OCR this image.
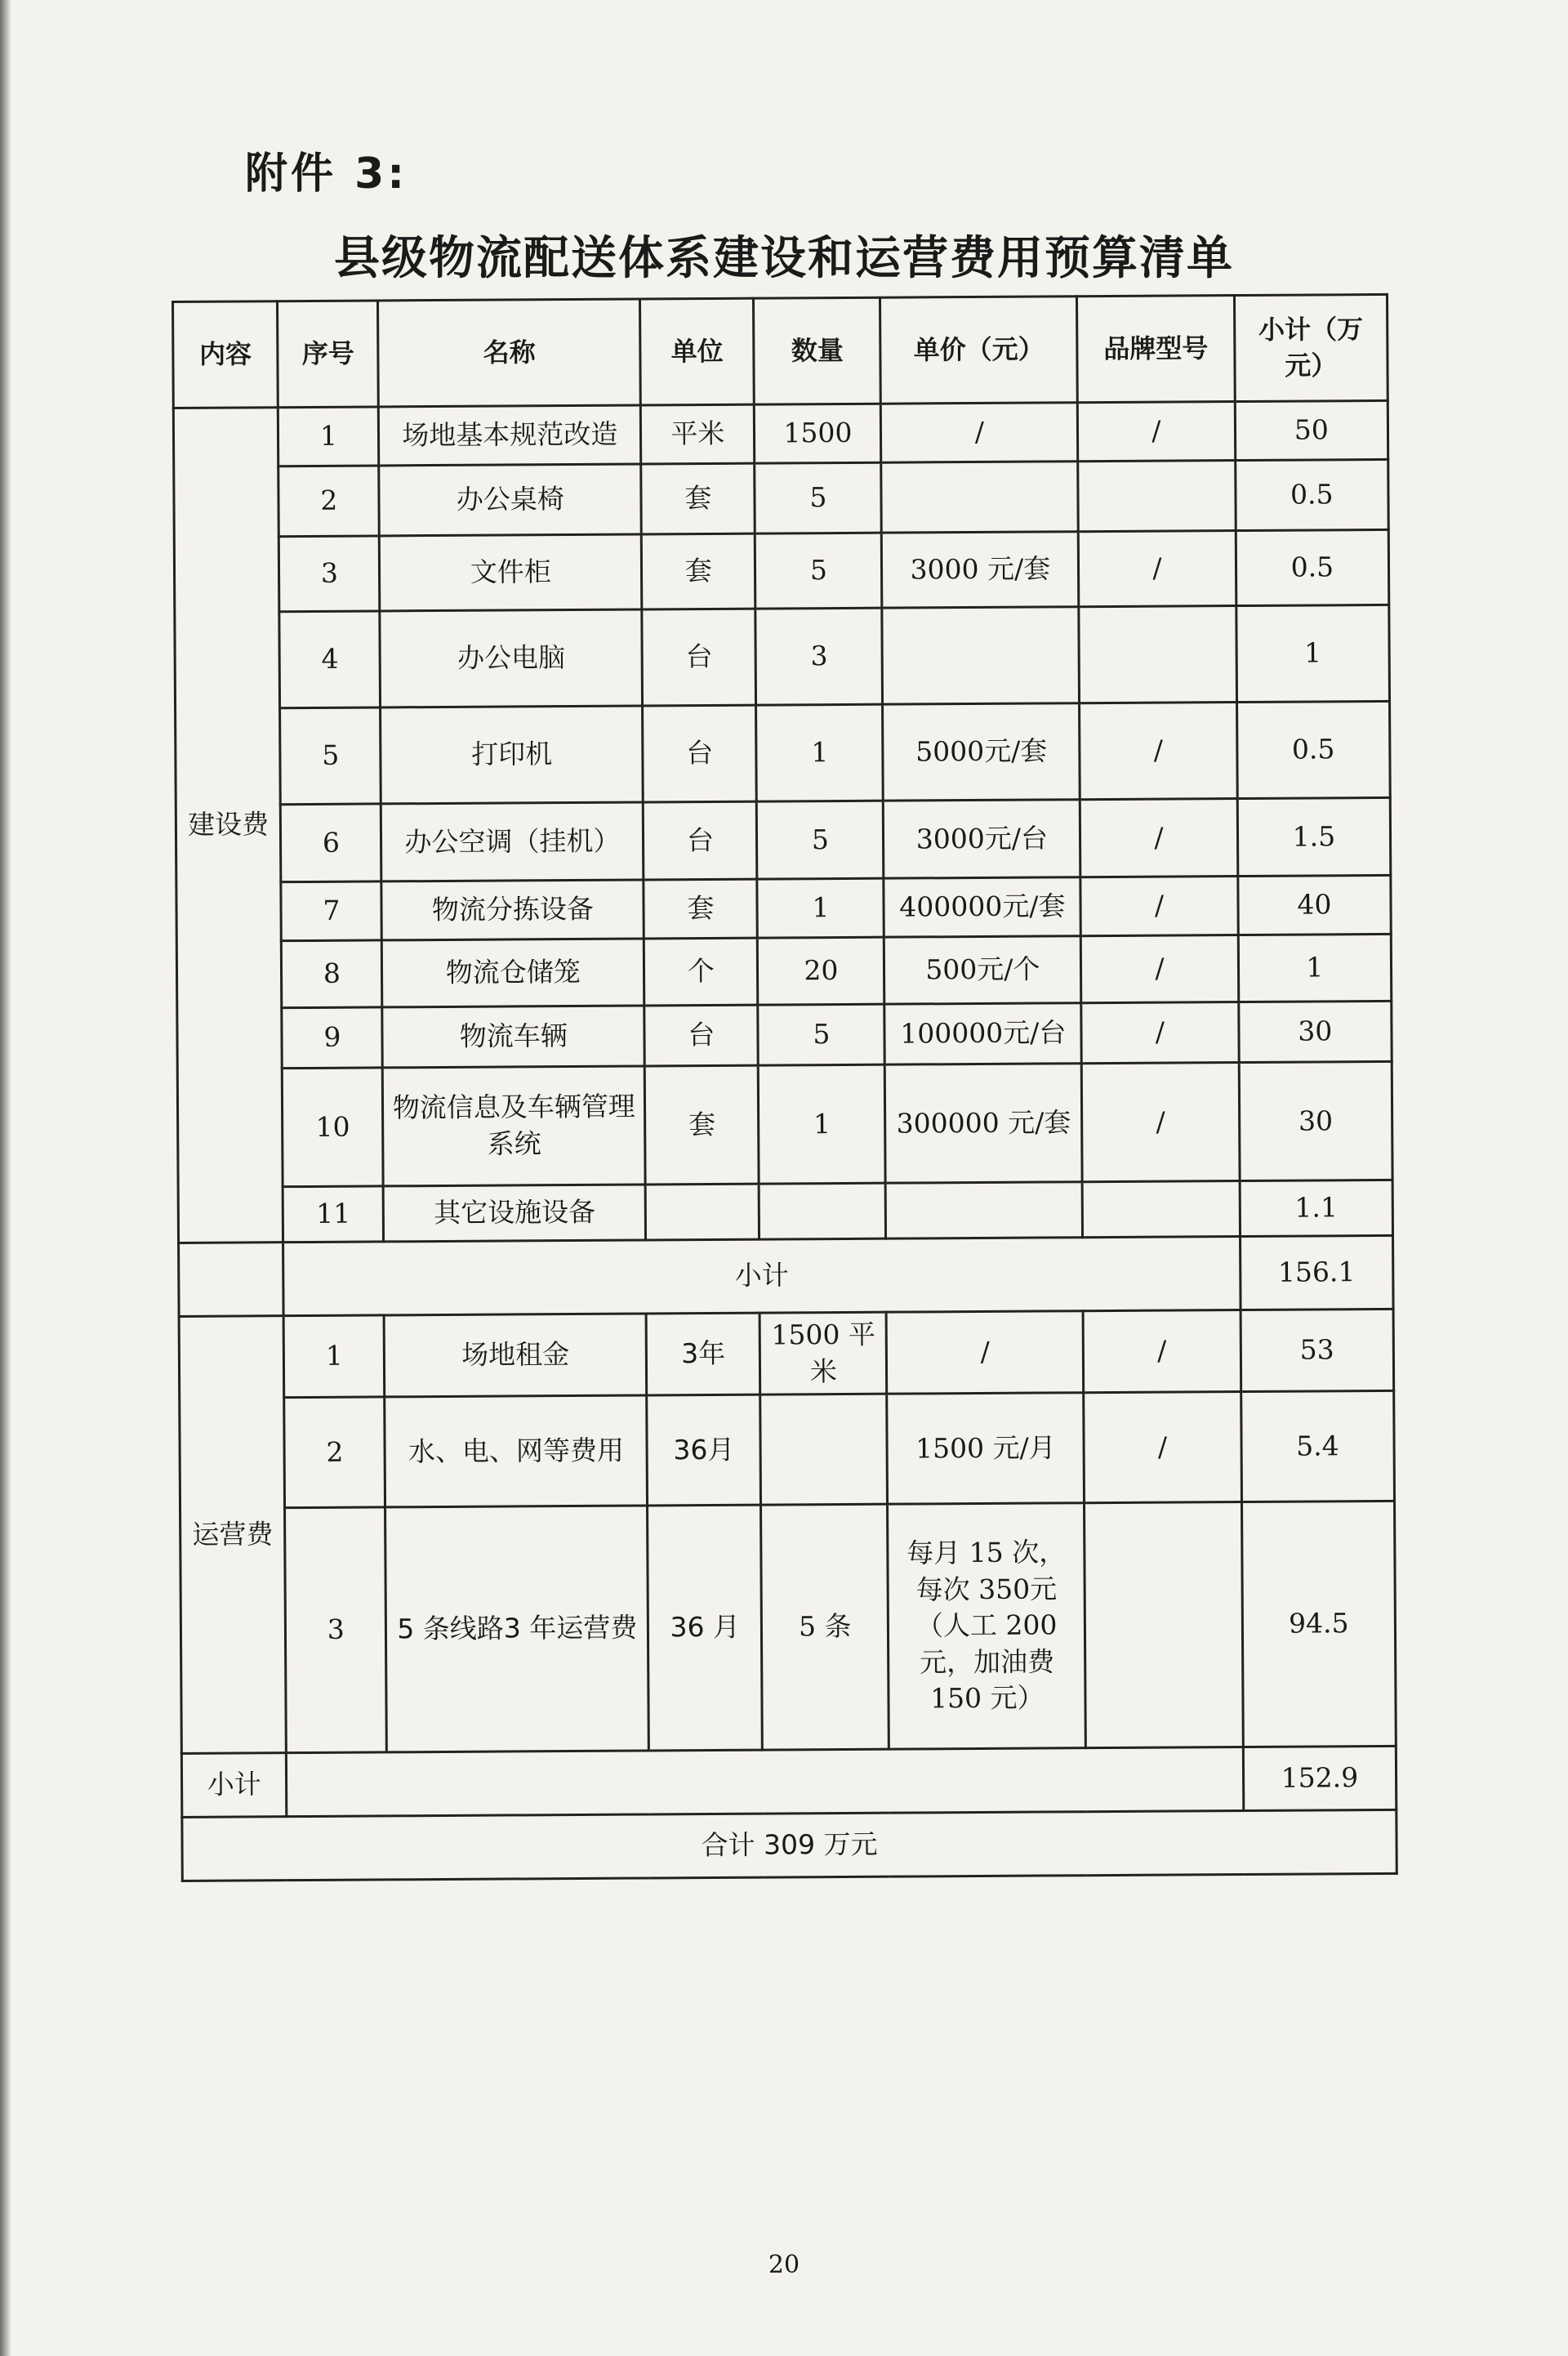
附件 3:
县级物流配送体系建设和运营费用预算清单
内容	序号	名称	单位	数量	单价（元）	品牌型号	小计（万元）
建设费	1	场地基本规范改造	平米	1500	/	/	50
	2	办公桌椅	套	5			0.5
	3	文件柜	套	5	3000 元/套	/	0.5
	4	办公电脑	台	3			1
	5	打印机	台	1	5000元/套	/	0.5
	6	办公空调（挂机）	台	5	3000元/台	/	1.5
	7	物流分拣设备	套	1	400000元/套	/	40
	8	物流仓储笼	个	20	500元/个	/	1
	9	物流车辆	台	5	100000元/台	/	30
	10	物流信息及车辆管理系统	套	1	300000 元/套	/	30
	11	其它设施设备					1.1
	小计						156.1
运营费	1	场地租金	3年	1500 平米	/	/	53
	2	水、电、网等费用	36月		1500 元/月	/	5.4
	3	5 条线路3 年运营费	36 月	5 条	每月 15 次，每次 350元（人工 200 元，加油费 150 元）		94.5
小计							152.9
合计 309 万元							
20
